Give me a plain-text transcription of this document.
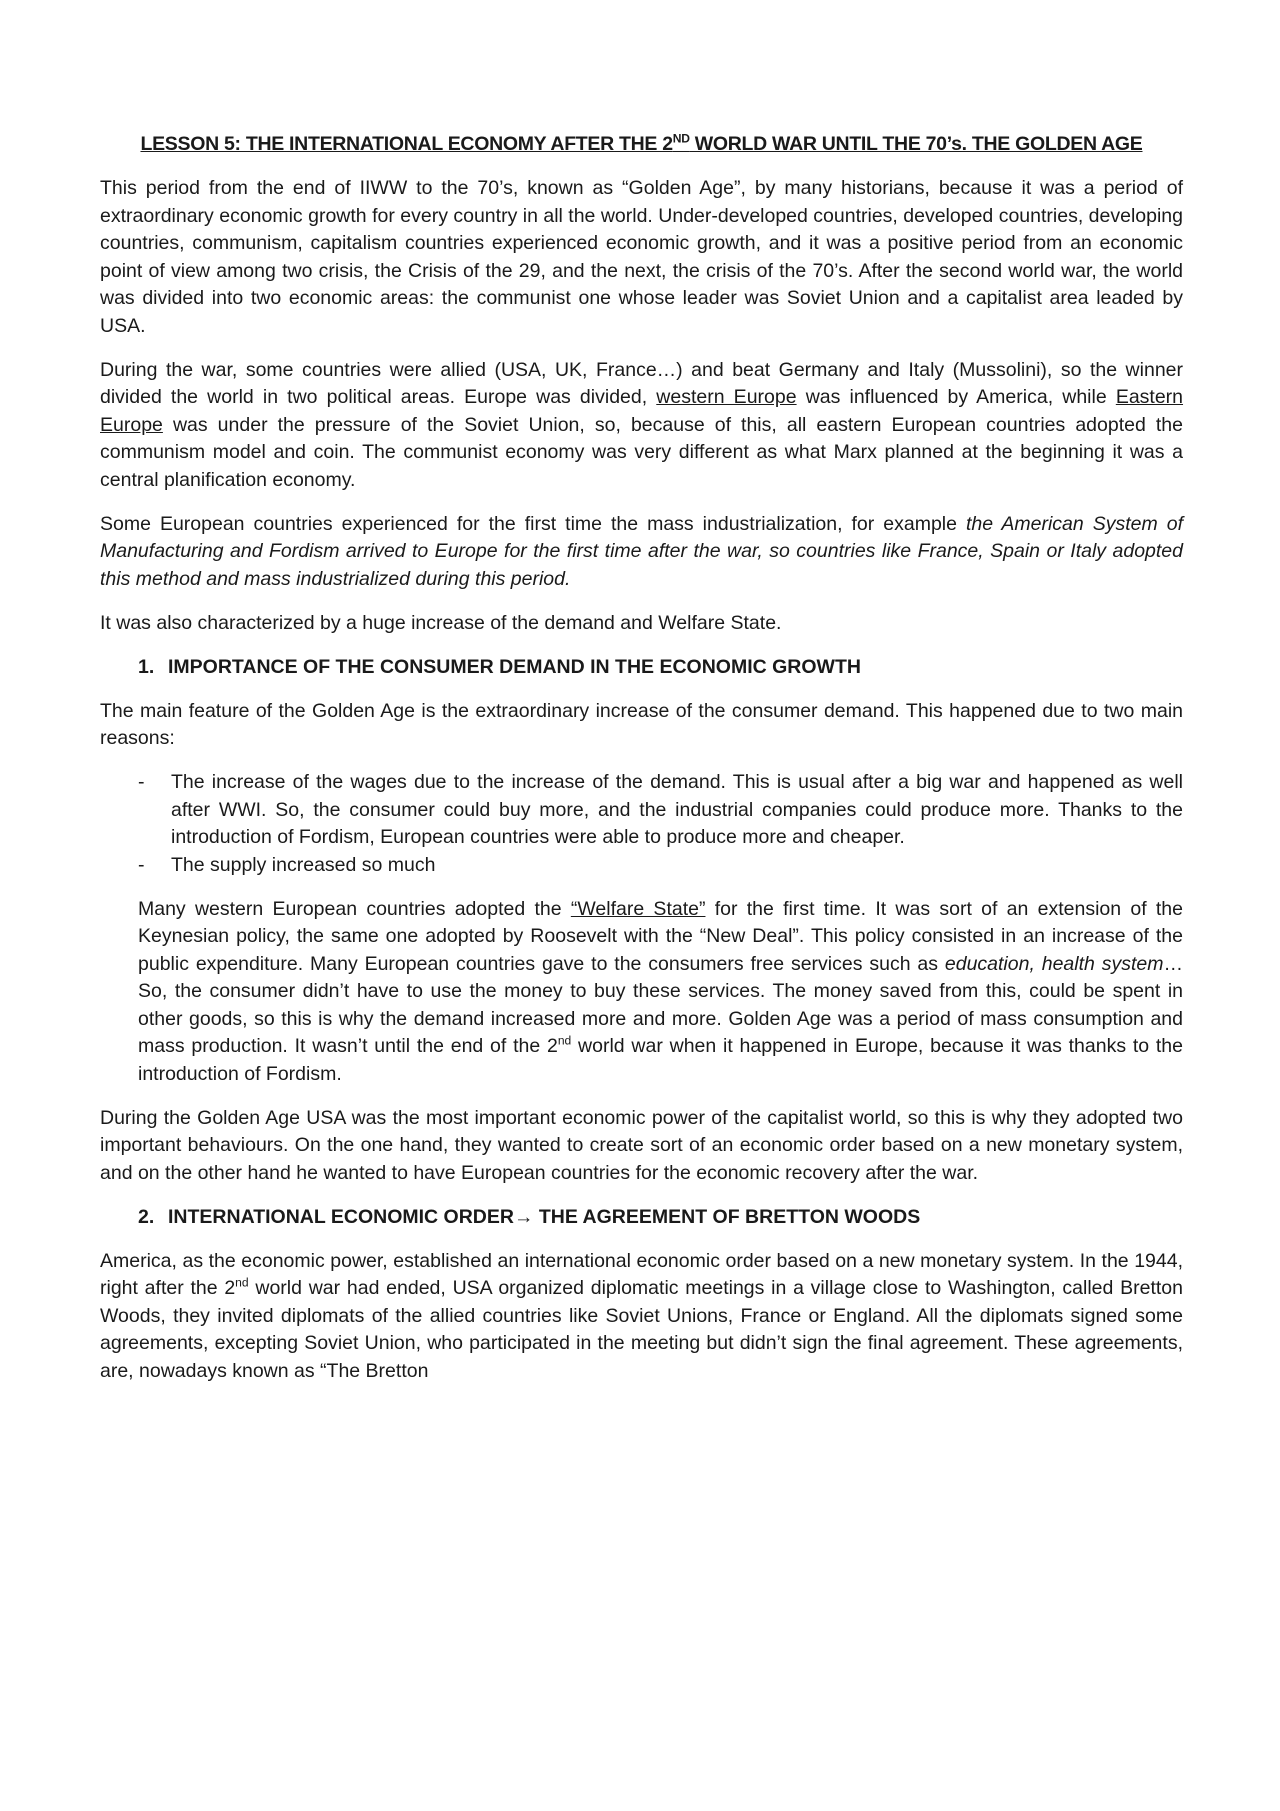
LESSON 5: THE INTERNATIONAL ECONOMY AFTER THE 2ND WORLD WAR UNTIL THE 70’s. THE GOLDEN AGE

This period from the end of IIWW to the 70’s, known as “Golden Age”, by many historians, because it was a period of extraordinary economic growth for every country in all the world. Under-developed countries, developed countries, developing countries, communism, capitalism countries experienced economic growth, and it was a positive period from an economic point of view among two crisis, the Crisis of the 29, and the next, the crisis of the 70’s. After the second world war, the world was divided into two economic areas: the communist one whose leader was Soviet Union and a capitalist area leaded by USA.

During the war, some countries were allied (USA, UK, France…) and beat Germany and Italy (Mussolini), so the winner divided the world in two political areas. Europe was divided, western Europe was influenced by America, while Eastern Europe was under the pressure of the Soviet Union, so, because of this, all eastern European countries adopted the communism model and coin. The communist economy was very different as what Marx planned at the beginning it was a central planification economy.

Some European countries experienced for the first time the mass industrialization, for example the American System of Manufacturing and Fordism arrived to Europe for the first time after the war, so countries like France, Spain or Italy adopted this method and mass industrialized during this period.

It was also characterized by a huge increase of the demand and Welfare State.

1. IMPORTANCE OF THE CONSUMER DEMAND IN THE ECONOMIC GROWTH

The main feature of the Golden Age is the extraordinary increase of the consumer demand. This happened due to two main reasons:

-	The increase of the wages due to the increase of the demand. This is usual after a big war and happened as well after WWI. So, the consumer could buy more, and the industrial companies could produce more. Thanks to the introduction of Fordism, European countries were able to produce more and cheaper.
-	The supply increased so much

Many western European countries adopted the “Welfare State” for the first time. It was sort of an extension of the Keynesian policy, the same one adopted by Roosevelt with the “New Deal”. This policy consisted in an increase of the public expenditure. Many European countries gave to the consumers free services such as education, health system… So, the consumer didn’t have to use the money to buy these services. The money saved from this, could be spent in other goods, so this is why the demand increased more and more. Golden Age was a period of mass consumption and mass production. It wasn’t until the end of the 2nd world war when it happened in Europe, because it was thanks to the introduction of Fordism.

During the Golden Age USA was the most important economic power of the capitalist world, so this is why they adopted two important behaviours. On the one hand, they wanted to create sort of an economic order based on a new monetary system, and on the other hand he wanted to have European countries for the economic recovery after the war.

2. INTERNATIONAL ECONOMIC ORDER→ THE AGREEMENT OF BRETTON WOODS

America, as the economic power, established an international economic order based on a new monetary system. In the 1944, right after the 2nd world war had ended, USA organized diplomatic meetings in a village close to Washington, called Bretton Woods, they invited diplomats of the allied countries like Soviet Unions, France or England. All the diplomats signed some agreements, excepting Soviet Union, who participated in the meeting but didn’t sign the final agreement. These agreements, are, nowadays known as “The Bretton
